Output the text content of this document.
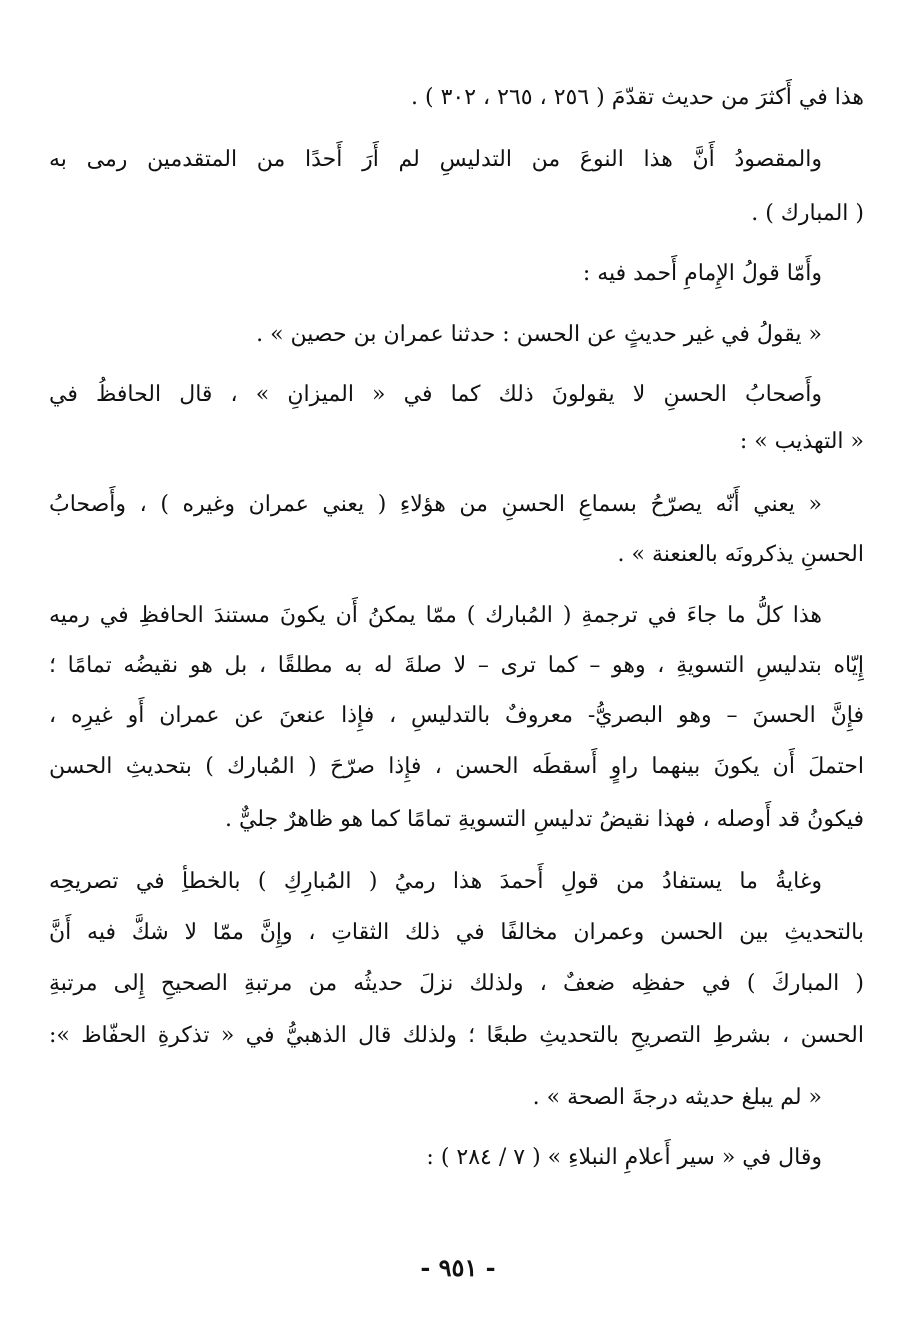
هذا في أَكثرَ من حديث تقدّمَ ( ٢٥٦ ، ٢٦٥ ، ٣٠٢ ) .
والمقصودُ أَنَّ هذا النوعَ من التدليسِ لم أَرَ أَحدًا من المتقدمين رمى به
( المبارك ) .
وأَمّا قولُ الإِمامِ أَحمد فيه :
« يقولُ في غير حديثٍ عن الحسن : حدثنا عمران بن حصين » .
وأَصحابُ الحسنِ لا يقولونَ ذلك كما في « الميزانِ » ، قال الحافظُ في
« التهذيب » :
« يعني أَنّه يصرّحُ بسماعِ الحسنِ من هؤلاءِ ( يعني عمران وغيره ) ، وأَصحابُ
الحسنِ يذكرونَه بالعنعنة » .
هذا كلُّ ما جاءَ في ترجمةِ ( المُبارك ) ممّا يمكنُ أَن يكونَ مستندَ الحافظِ في رميه
إِيّاه بتدليسِ التسويةِ ، وهو – كما ترى – لا صلةَ له به مطلقًا ، بل هو نقيضُه تمامًا ؛
فإِنَّ الحسنَ – وهو البصريُّ- معروفٌ بالتدليسِ ، فإِذا عنعنَ عن عمران أَو غيرِه ،
احتملَ أَن يكونَ بينهما راوٍ أَسقطَه الحسن ، فإِذا صرّحَ ( المُبارك ) بتحديثِ الحسن
فيكونُ قد أَوصله ، فهذا نقيضُ تدليسِ التسويةِ تمامًا كما هو ظاهرٌ جليٌّ .
وغايةُ ما يستفادُ من قولِ أَحمدَ هذا رميُ ( المُبارِكِ ) بالخطأِ في تصريحِه
بالتحديثِ بين الحسن وعمران مخالفًا في ذلك الثقاتِ ، وإِنَّ ممّا لا شكَّ فيه أَنَّ
( المباركَ ) في حفظِه ضعفٌ ، ولذلك نزلَ حديثُه من مرتبةِ الصحيحِ إِلى مرتبةِ
الحسن ، بشرطِ التصريحِ بالتحديثِ طبعًا ؛ ولذلك قال الذهبيُّ في « تذكرةِ الحفّاظ »:
« لم يبلغ حديثه درجةَ الصحة » .
وقال في « سير أَعلامِ النبلاءِ » ( ٧ / ٢٨٤ ) :
- ٩٥١ -
